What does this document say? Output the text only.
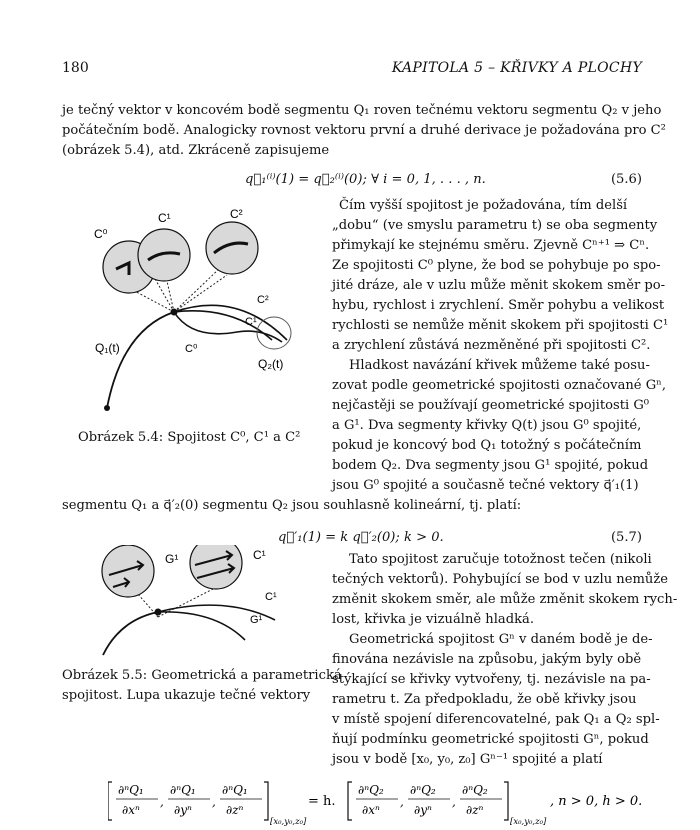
180	KAPITOLA 5 – KŘIVKY A PLOCHY
je tečný vektor v koncovém bodě segmentu Q₁ roven tečnému vektoru segmentu Q₂ v jeho
počátečním bodě. Analogicky rovnost vektoru první a druhé derivace je požadována pro C²
(obrázek 5.4), atd. Zkráceně zapisujeme
q⃗₁⁽ⁱ⁾(1) = q⃗₂⁽ⁱ⁾(0); ∀ i = 0, 1, . . . , n.	(5.6)
C⁰
C¹	C²
Q₁(t)
Q₂(t)
C²
C¹
C⁰
Obrázek 5.4: Spojitost C⁰, C¹ a C²
Čím vyšší spojitost je požadována, tím delší
„dobu“ (ve smyslu parametru t) se oba segmenty
přimykají ke stejnému směru. Zjevně Cⁿ⁺¹ ⇒ Cⁿ.
Ze spojitosti C⁰ plyne, že bod se pohybuje po spo-
jité dráze, ale v uzlu může měnit skokem směr po-
hybu, rychlost i zrychlení. Směr pohybu a velikost
rychlosti se nemůže měnit skokem při spojitosti C¹
a zrychlení zůstává nezměněné při spojitosti C².
Hladkost navázání křivek můžeme také posu-
zovat podle geometrické spojitosti označované Gⁿ,
nejčastěji se používají geometrické spojitosti G⁰
a G¹. Dva segmenty křivky Q(t) jsou G⁰ spojité,
pokud je koncový bod Q₁ totožný s počátečním
bodem Q₂. Dva segmenty jsou G¹ spojité, pokud
jsou G⁰ spojité a současně tečné vektory q⃗′₁(1)
segmentu Q₁ a q⃗′₂(0) segmentu Q₂ jsou souhlasně kolineární, tj. platí:
q⃗′₁(1) = k q⃗′₂(0); k > 0.	(5.7)
G¹	C¹
C¹
G¹
Obrázek 5.5: Geometrická a parametrická
spojitost. Lupa ukazuje tečné vektory
Tato spojitost zaručuje totožnost tečen (nikoli
tečných vektorů). Pohybující se bod v uzlu nemůže
změnit skokem směr, ale může změnit skokem rych-
lost, křivka je vizuálně hladká.
Geometrická spojitost Gⁿ v daném bodě je de-
finována nezávisle na způsobu, jakým byly obě
stýkající se křivky vytvořeny, tj. nezávisle na pa-
rametru t. Za předpokladu, že obě křivky jsou
v místě spojení diferencovatelné, pak Q₁ a Q₂ spl-
ňují podmínku geometrické spojitosti Gⁿ, pokud
jsou v bodě [x₀, y₀, z₀] Gⁿ⁻¹ spojité a platí
∂ⁿQ₁
∂xⁿ
,
∂ⁿQ₁
∂yⁿ
,
∂ⁿQ₁
∂zⁿ
[x₀,y₀,z₀]
= h.
∂ⁿQ₂
∂xⁿ
,
∂ⁿQ₂
∂yⁿ
,
∂ⁿQ₂
∂zⁿ
[x₀,y₀,z₀]
, n > 0, h > 0.
